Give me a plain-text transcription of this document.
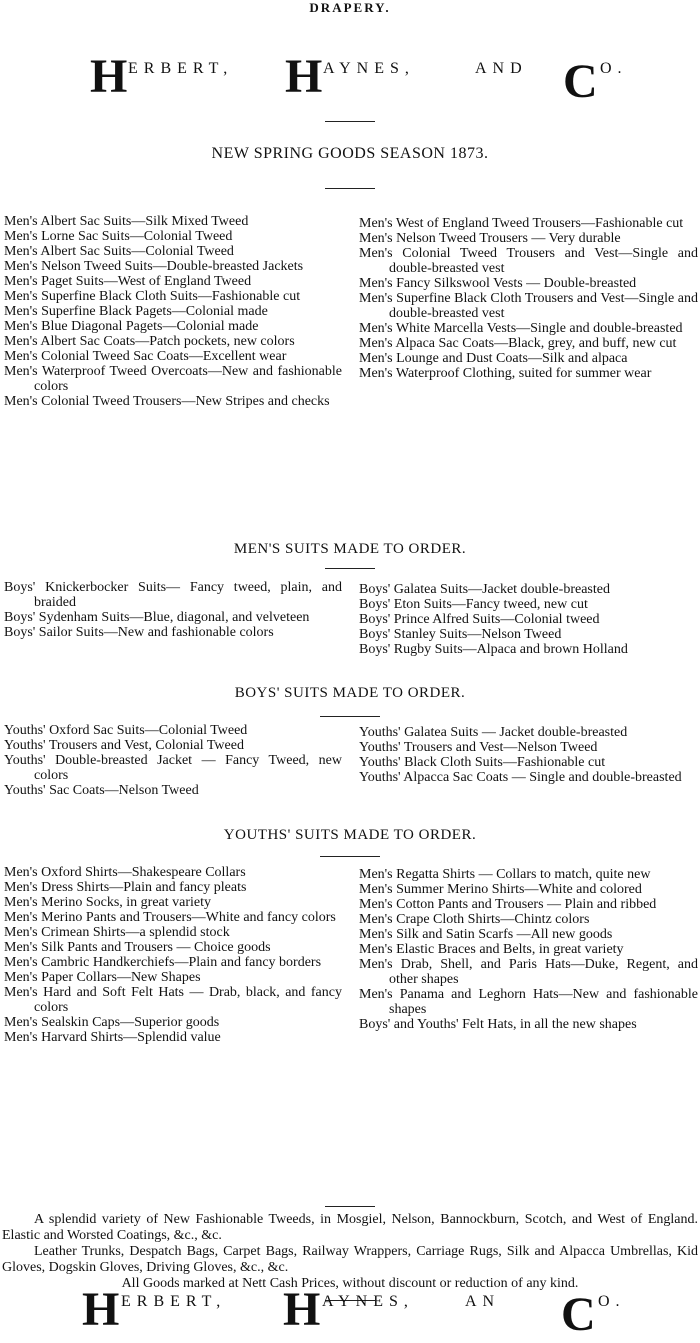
DRAPERY.
H ERBERT, H AYNES,	AND C O.
NEW SPRING GOODS SEASON 1873.
Men's Albert Sac Suits—Silk Mixed Tweed
Men's Lorne Sac Suits—Colonial Tweed
Men's Albert Sac Suits—Colonial Tweed
Men's Nelson Tweed Suits—Double-breasted Jackets
Men's Paget Suits—West of England Tweed
Men's Superfine Black Cloth Suits—Fashionable cut
Men's Superfine Black Pagets—Colonial made
Men's Blue Diagonal Pagets—Colonial made
Men's Albert Sac Coats—Patch pockets, new colors
Men's Colonial Tweed Sac Coats—Excellent wear
Men's Waterproof Tweed Overcoats—New and fashionable colors
Men's Colonial Tweed Trousers—New Stripes and checks
Men's West of England Tweed Trousers—Fashionable cut
Men's Nelson Tweed Trousers — Very durable
Men's Colonial Tweed Trousers and Vest—Single and double-breasted vest
Men's Fancy Silkswool Vests — Double-breasted
Men's Superfine Black Cloth Trousers and Vest—Single and double-breasted vest
Men's White Marcella Vests—Single and double-breasted
Men's Alpaca Sac Coats—Black, grey, and buff, new cut
Men's Lounge and Dust Coats—Silk and alpaca
Men's Waterproof Clothing, suited for summer wear
MEN'S SUITS MADE TO ORDER.
Boys' Knickerbocker Suits— Fancy tweed, plain, and braided
Boys' Sydenham Suits—Blue, diagonal, and velveteen
Boys' Sailor Suits—New and fashionable colors
Boys' Galatea Suits—Jacket double-breasted
Boys' Eton Suits—Fancy tweed, new cut
Boys' Prince Alfred Suits—Colonial tweed
Boys' Stanley Suits—Nelson Tweed
Boys' Rugby Suits—Alpaca and brown Holland
BOYS' SUITS MADE TO ORDER.
Youths' Oxford Sac Suits—Colonial Tweed
Youths' Trousers and Vest, Colonial Tweed
Youths' Double-breasted Jacket — Fancy Tweed, new colors
Youths' Sac Coats—Nelson Tweed
Youths' Galatea Suits — Jacket double-breasted
Youths' Trousers and Vest—Nelson Tweed
Youths' Black Cloth Suits—Fashionable cut
Youths' Alpacca Sac Coats — Single and double-breasted
YOUTHS' SUITS MADE TO ORDER.
Men's Oxford Shirts—Shakespeare Collars
Men's Dress Shirts—Plain and fancy pleats
Men's Merino Socks, in great variety
Men's Merino Pants and Trousers—White and fancy colors
Men's Crimean Shirts—a splendid stock
Men's Silk Pants and Trousers — Choice goods
Men's Cambric Handkerchiefs—Plain and fancy borders
Men's Paper Collars—New Shapes
Men's Hard and Soft Felt Hats — Drab, black, and fancy colors
Men's Sealskin Caps—Superior goods
Men's Harvard Shirts—Splendid value
Men's Regatta Shirts — Collars to match, quite new
Men's Summer Merino Shirts—White and colored
Men's Cotton Pants and Trousers — Plain and ribbed
Men's Crape Cloth Shirts—Chintz colors
Men's Silk and Satin Scarfs —All new goods
Men's Elastic Braces and Belts, in great variety
Men's Drab, Shell, and Paris Hats—Duke, Regent, and other shapes
Men's Panama and Leghorn Hats—New and fashionable shapes
Boys' and Youths' Felt Hats, in all the new shapes
A splendid variety of New Fashionable Tweeds, in Mosgiel, Nelson, Bannockburn, Scotch, and West of England. Elastic and Worsted Coatings, &c., &c.
Leather Trunks, Despatch Bags, Carpet Bags, Railway Wrappers, Carriage Rugs, Silk and Alpacca Umbrellas, Kid Gloves, Dogskin Gloves, Driving Gloves, &c., &c.
All Goods marked at Nett Cash Prices, without discount or reduction of any kind.
H ERBERT, H AYNES,	AN C O.
